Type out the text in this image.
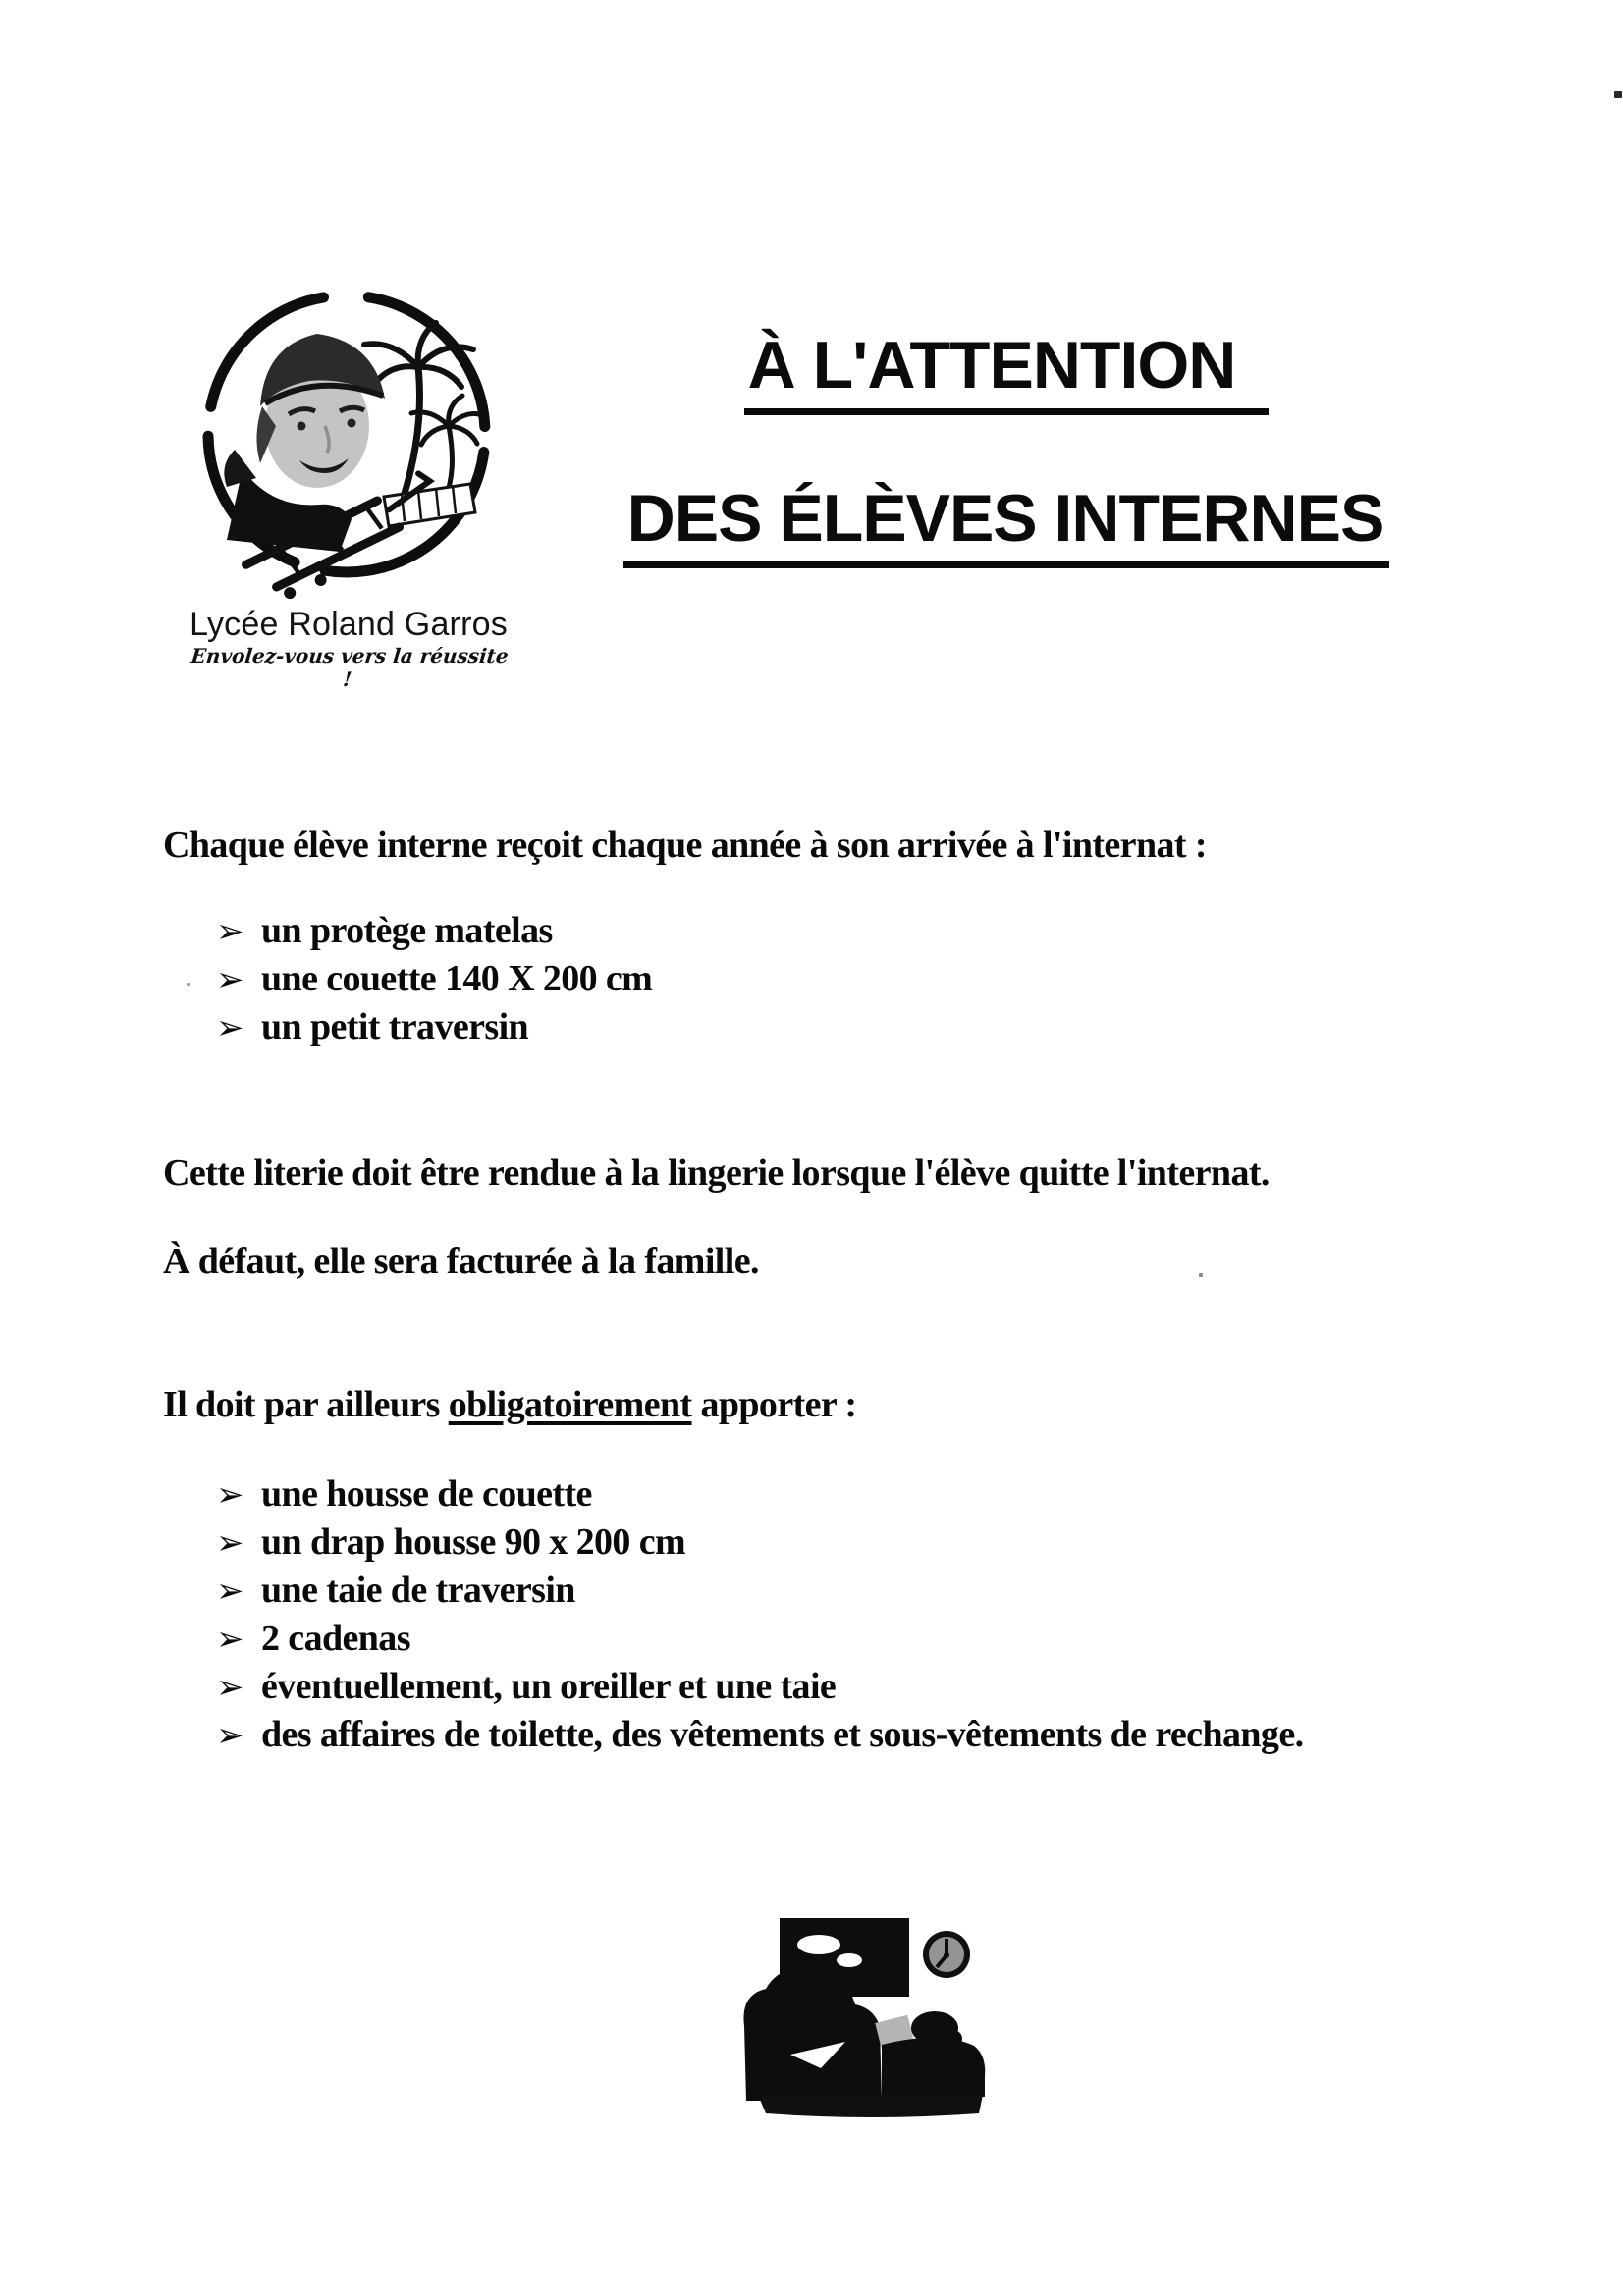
Lycée Roland Garros
Envolez-vous vers la réussite !
À L'ATTENTION
DES ÉLÈVES INTERNES
Chaque élève interne reçoit chaque année à son arrivée à l'internat :
➢ un protège matelas
➢ une couette 140 X 200 cm
➢ un petit traversin
Cette literie doit être rendue à la lingerie lorsque l'élève quitte l'internat.
À défaut, elle sera facturée à la famille.
Il doit par ailleurs obligatoirement apporter :
➢ une housse de couette
➢ un drap housse 90 x 200 cm
➢ une taie de traversin
➢ 2 cadenas
➢ éventuellement, un oreiller et une taie
➢ des affaires de toilette, des vêtements et sous-vêtements de rechange.
